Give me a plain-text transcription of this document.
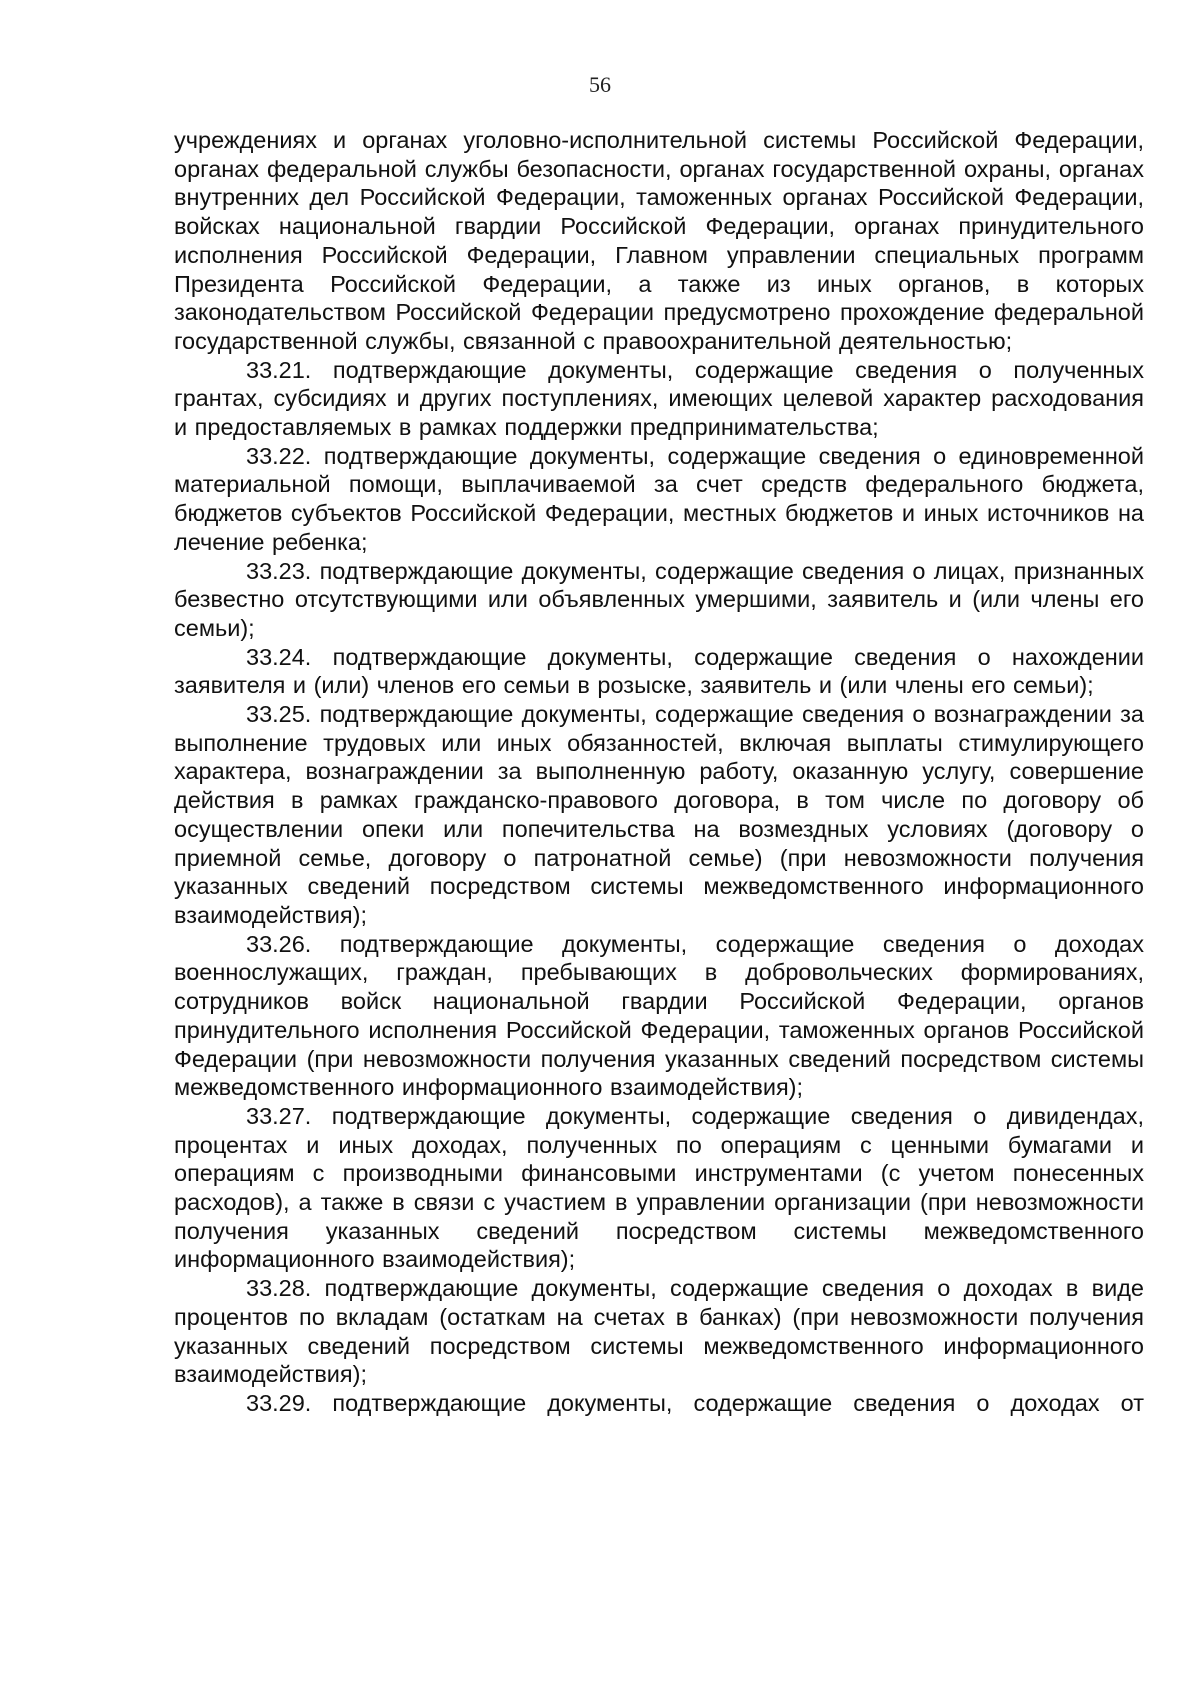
56

учреждениях и органах уголовно-исполнительной системы Российской Федерации, органах федеральной службы безопасности, органах государственной охраны, органах внутренних дел Российской Федерации, таможенных органах Российской Федерации, войсках национальной гвардии Российской Федерации, органах принудительного исполнения Российской Федерации, Главном управлении специальных программ Президента Российской Федерации, а также из иных органов, в которых законодательством Российской Федерации предусмотрено прохождение федеральной государственной службы, связанной с правоохранительной деятельностью;

33.21. подтверждающие документы, содержащие сведения о полученных грантах, субсидиях и других поступлениях, имеющих целевой характер расходования и предоставляемых в рамках поддержки предпринимательства;

33.22. подтверждающие документы, содержащие сведения о единовременной материальной помощи, выплачиваемой за счет средств федерального бюджета, бюджетов субъектов Российской Федерации, местных бюджетов и иных источников на лечение ребенка;

33.23. подтверждающие документы, содержащие сведения о лицах, признанных безвестно отсутствующими или объявленных умершими, заявитель и (или члены его семьи);

33.24. подтверждающие документы, содержащие сведения о нахождении заявителя и (или) членов его семьи в розыске, заявитель и (или члены его семьи);

33.25. подтверждающие документы, содержащие сведения о вознаграждении за выполнение трудовых или иных обязанностей, включая выплаты стимулирующего характера, вознаграждении за выполненную работу, оказанную услугу, совершение действия в рамках гражданско-правового договора, в том числе по договору об осуществлении опеки или попечительства на возмездных условиях (договору о приемной семье, договору о патронатной семье) (при невозможности получения указанных сведений посредством системы межведомственного информационного взаимодействия);

33.26. подтверждающие документы, содержащие сведения о доходах военнослужащих, граждан, пребывающих в добровольческих формированиях, сотрудников войск национальной гвардии Российской Федерации, органов принудительного исполнения Российской Федерации, таможенных органов Российской Федерации (при невозможности получения указанных сведений посредством системы межведомственного информационного взаимодействия);

33.27. подтверждающие документы, содержащие сведения о дивидендах, процентах и иных доходах, полученных по операциям с ценными бумагами и операциям с производными финансовыми инструментами (с учетом понесенных расходов), а также в связи с участием в управлении организации (при невозможности получения указанных сведений посредством системы межведомственного информационного взаимодействия);

33.28. подтверждающие документы, содержащие сведения о доходах в виде процентов по вкладам (остаткам на счетах в банках) (при невозможности получения указанных сведений посредством системы межведомственного информационного взаимодействия);

33.29. подтверждающие документы, содержащие сведения о доходах от
